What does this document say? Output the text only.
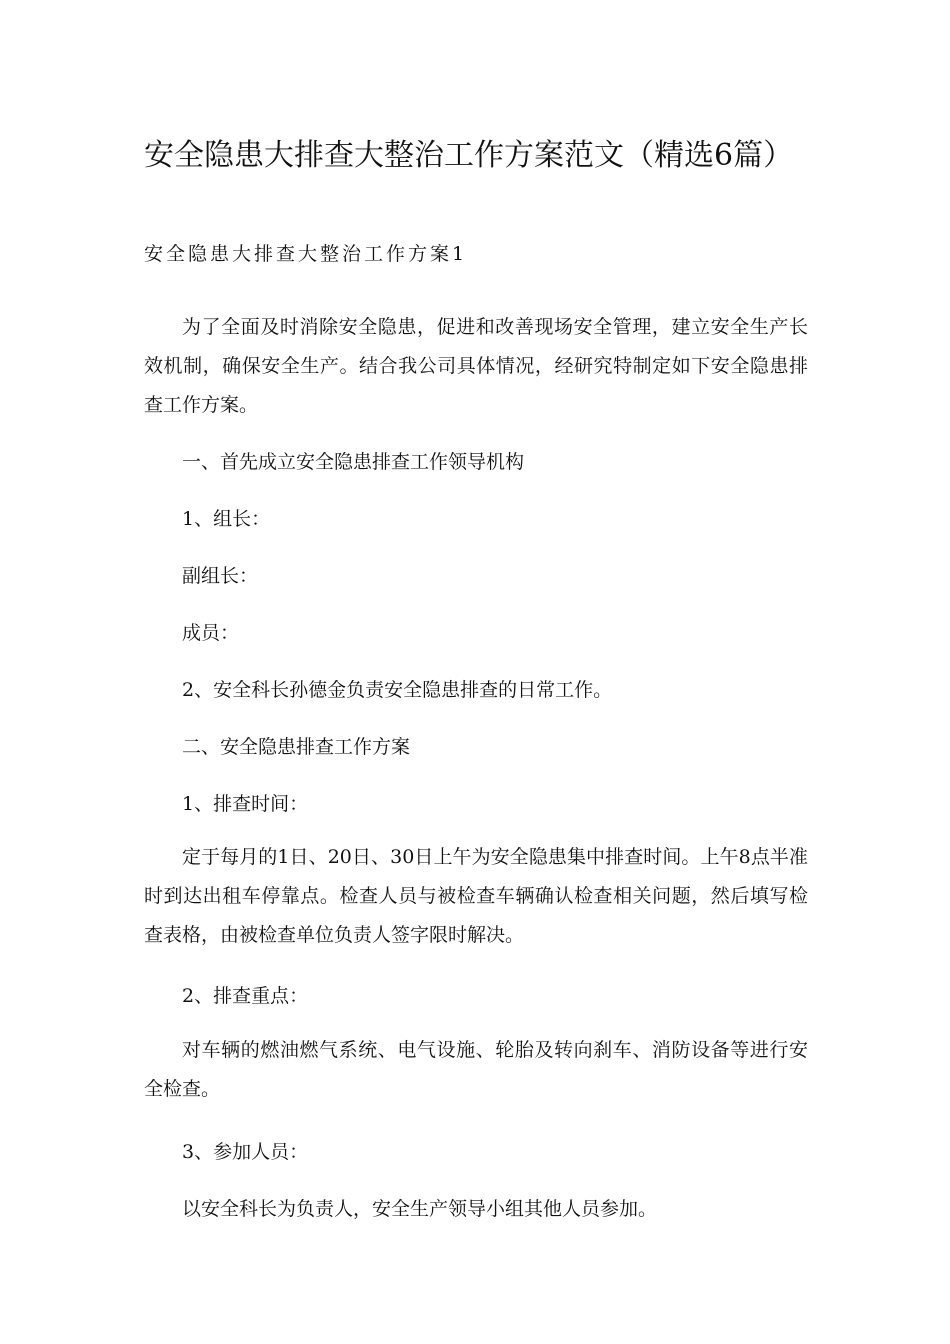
安全隐患大排查大整治工作方案范文（精选6篇）
安全隐患大排查大整治工作方案1
为了全面及时消除安全隐患，促进和改善现场安全管理，建立安全生产长效机制，确保安全生产。结合我公司具体情况，经研究特制定如下安全隐患排查工作方案。
一、首先成立安全隐患排查工作领导机构
1、组长：
副组长：
成员：
2、安全科长孙德金负责安全隐患排查的日常工作。
二、安全隐患排查工作方案
1、排查时间：
定于每月的1日、20日、30日上午为安全隐患集中排查时间。上午8点半准时到达出租车停靠点。检查人员与被检查车辆确认检查相关问题，然后填写检查表格，由被检查单位负责人签字限时解决。
2、排查重点：
对车辆的燃油燃气系统、电气设施、轮胎及转向刹车、消防设备等进行安全检查。
3、参加人员：
以安全科长为负责人，安全生产领导小组其他人员参加。
